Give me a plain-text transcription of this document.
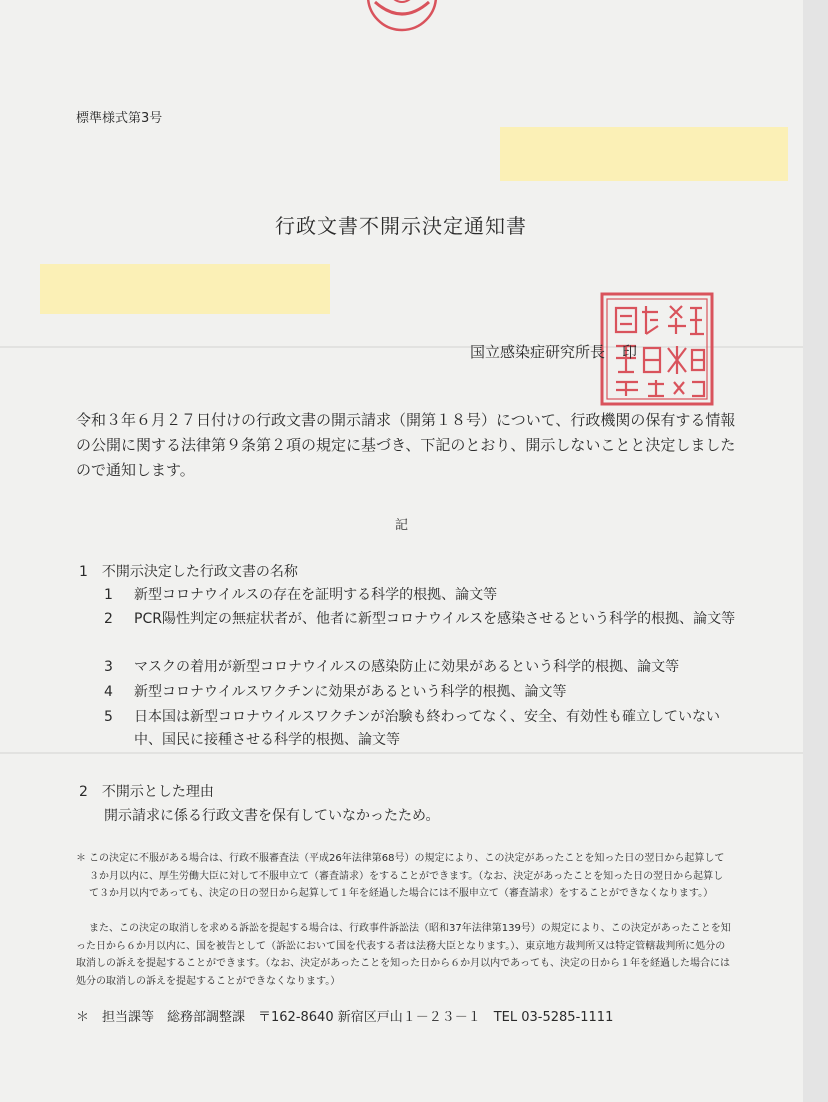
標準様式第3号
行政文書不開示決定通知書
国立感染症研究所長 印

令和３年６月２７日付けの行政文書の開示請求（開第１８号）について、行政機関の保有する情報の公開に関する法律第９条第２項の規定に基づき、下記のとおり、開示しないことと決定しましたので通知します。

記
1　不開示決定した行政文書の名称
1	新型コロナウイルスの存在を証明する科学的根拠、論文等
2	PCR陽性判定の無症状者が、他者に新型コロナウイルスを感染させるという科学的根拠、論文等
3	マスクの着用が新型コロナウイルスの感染防止に効果があるという科学的根拠、論文等
4	新型コロナウイルスワクチンに効果があるという科学的根拠、論文等
5	日本国は新型コロナウイルスワクチンが治験も終わってなく、安全、有効性も確立していない中、国民に接種させる科学的根拠、論文等
2　不開示とした理由
開示請求に係る行政文書を保有していなかったため。
＊ この決定に不服がある場合は、行政不服審査法（平成26年法律第68号）の規定により、この決定があったことを知った日の翌日から起算して３か月以内に、厚生労働大臣に対して不服申立て（審査請求）をすることができます。（なお、決定があったことを知った日の翌日から起算して３か月以内であっても、決定の日の翌日から起算して１年を経過した場合には不服申立て（審査請求）をすることができなくなります。）

また、この決定の取消しを求める訴訟を提起する場合は、行政事件訴訟法（昭和37年法律第139号）の規定により、この決定があったことを知った日から６か月以内に、国を被告として（訴訟において国を代表する者は法務大臣となります。）、東京地方裁判所又は特定管轄裁判所に処分の取消しの訴えを提起することができます。（なお、決定があったことを知った日から６か月以内であっても、決定の日から１年を経過した場合には処分の取消しの訴えを提起することができなくなります。）

＊　担当課等　総務部調整課　〒162-8640 新宿区戸山１－２３－１　TEL 03-5285-1111
